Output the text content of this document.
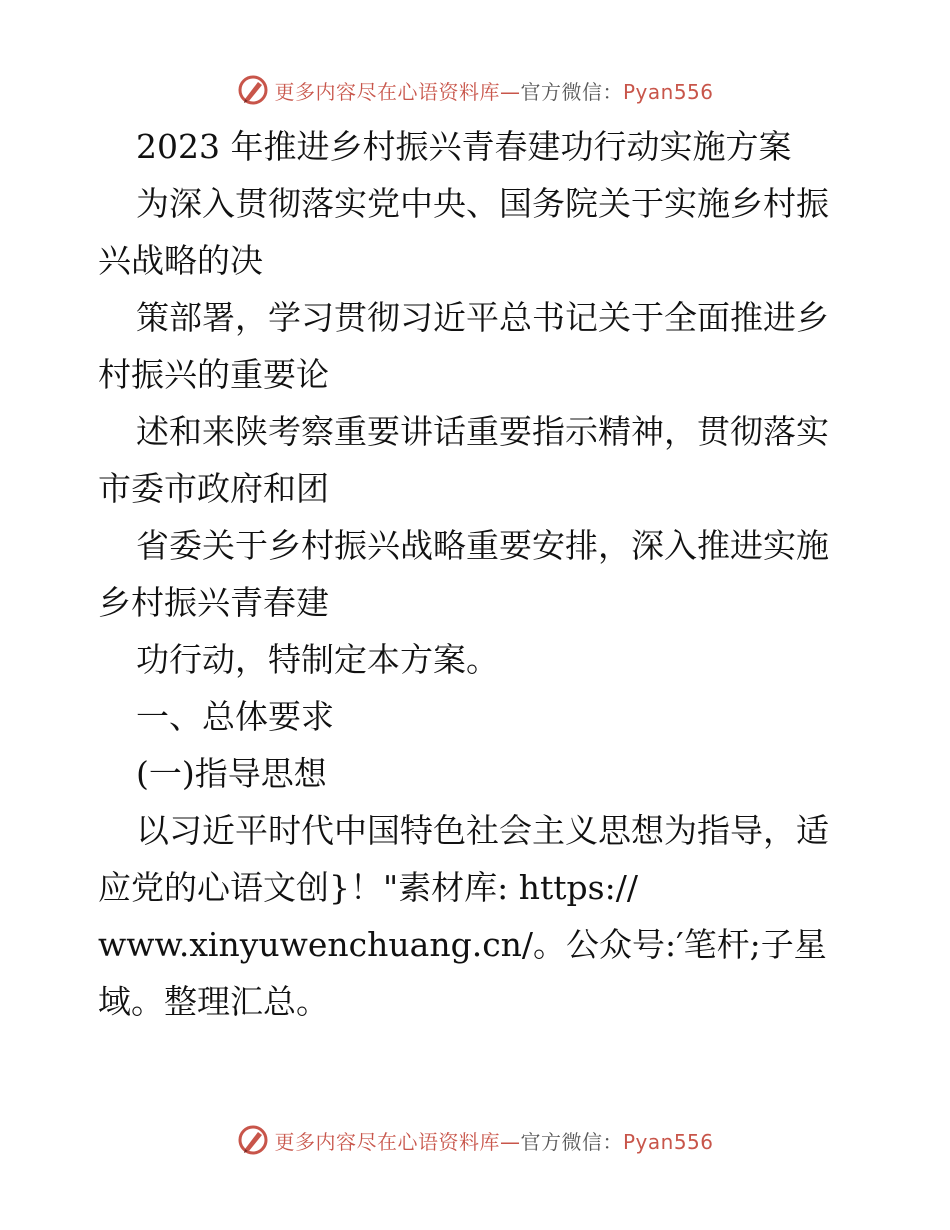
更多内容尽在心语资料库—官方微信：Pyan556

2023 年推进乡村振兴青春建功行动实施方案

为深入贯彻落实党中央、国务院关于实施乡村振

兴战略的决

策部署，学习贯彻习近平总书记关于全面推进乡

村振兴的重要论

述和来陕考察重要讲话重要指示精神，贯彻落实

市委市政府和团

省委关于乡村振兴战略重要安排，深入推进实施

乡村振兴青春建

功行动，特制定本方案。

一、总体要求

(一)指导思想

以习近平时代中国特色社会主义思想为指导，适

应党的心语文创}！"素材库: https://

www.xinyuwenchuang.cn/。公众号:′笔杆;子星

域。整理汇总。

更多内容尽在心语资料库—官方微信：Pyan556
